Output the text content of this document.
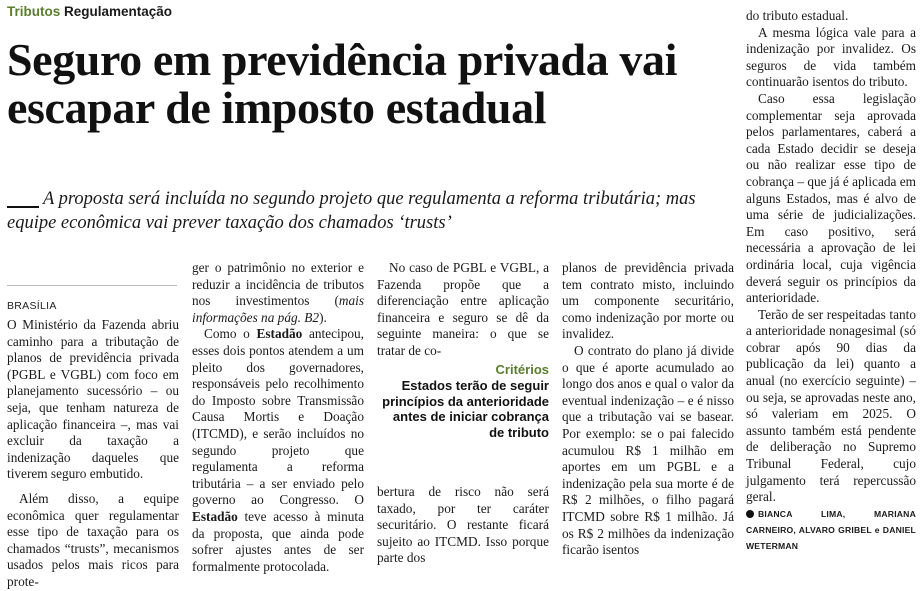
Tributos Regulamentação
Seguro em previdência privada vai escapar de imposto estadual
A proposta será incluída no segundo projeto que regulamenta a reforma tributária; mas equipe econômica vai prever taxação dos chamados ‘trusts’
BRASÍLIA

O Ministério da Fazenda abriu caminho para a tributação de planos de previdência privada (PGBL e VGBL) com foco em planejamento sucessório – ou seja, que tenham natureza de aplicação financeira –, mas vai excluir da taxação a indenização daqueles que tiverem seguro embutido.

Além disso, a equipe econômica quer regulamentar esse tipo de taxação para os chamados “trusts”, mecanismos usados pelos mais ricos para prote-

ger o patrimônio no exterior e reduzir a incidência de tributos nos investimentos (mais informações na pág. B2).

Como o Estadão antecipou, esses dois pontos atendem a um pleito dos governadores, responsáveis pelo recolhimento do Imposto sobre Transmissão Causa Mortis e Doação (ITCMD), e serão incluídos no segundo projeto que regulamenta a reforma tributária – a ser enviado pelo governo ao Congresso. O Estadão teve acesso à minuta da proposta, que ainda pode sofrer ajustes antes de ser formalmente protocolada.

No caso de PGBL e VGBL, a Fazenda propõe que a diferenciação entre aplicação financeira e seguro se dê da seguinte maneira: o que se tratar de co-

Critérios
Estados terão de seguir princípios da anterioridade antes de iniciar cobrança de tributo

bertura de risco não será taxado, por ter caráter securitário. O restante ficará sujeito ao ITCMD. Isso porque parte dos

planos de previdência privada tem contrato misto, incluindo um componente securitário, como indenização por morte ou invalidez.

O contrato do plano já divide o que é aporte acumulado ao longo dos anos e qual o valor da eventual indenização – e é nisso que a tributação vai se basear. Por exemplo: se o pai falecido acumulou R$ 1 milhão em aportes em um PGBL e a indenização pela sua morte é de R$ 2 milhões, o filho pagará ITCMD sobre R$ 1 milhão. Já os R$ 2 milhões da indenização ficarão isentos

do tributo estadual.

A mesma lógica vale para a indenização por invalidez. Os seguros de vida também continuarão isentos do tributo.

Caso essa legislação complementar seja aprovada pelos parlamentares, caberá a cada Estado decidir se deseja ou não realizar esse tipo de cobrança – que já é aplicada em alguns Estados, mas é alvo de uma série de judicializações. Em caso positivo, será necessária a aprovação de lei ordinária local, cuja vigência deverá seguir os princípios da anterioridade.

Terão de ser respeitadas tanto a anterioridade nonagesimal (só cobrar após 90 dias da publicação da lei) quanto a anual (no exercício seguinte) – ou seja, se aprovadas neste ano, só valeriam em 2025. O assunto também está pendente de deliberação no Supremo Tribunal Federal, cujo julgamento terá repercussão geral.

BIANCA LIMA, MARIANA CARNEIRO, ALVARO GRIBEL e DANIEL WETERMAN
